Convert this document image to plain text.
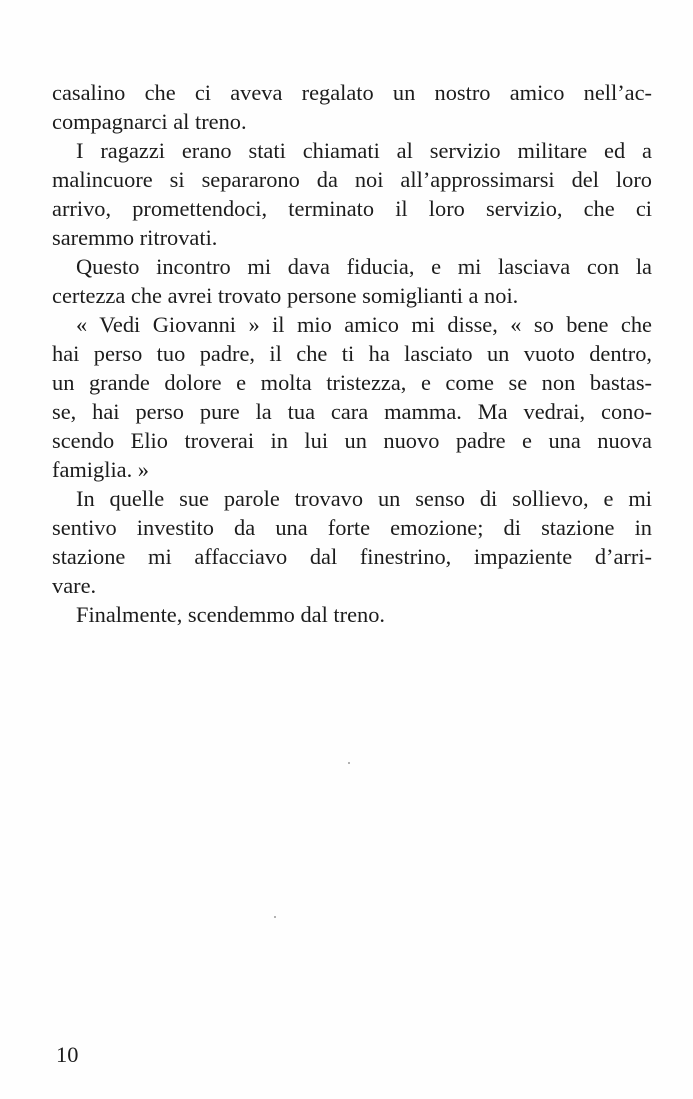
casalino che ci aveva regalato un nostro amico nell’ac-
compagnarci al treno.
I ragazzi erano stati chiamati al servizio militare ed a
malincuore si separarono da noi all’approssimarsi del loro
arrivo, promettendoci, terminato il loro servizio, che ci
saremmo ritrovati.
Questo incontro mi dava fiducia, e mi lasciava con la
certezza che avrei trovato persone somiglianti a noi.
« Vedi Giovanni » il mio amico mi disse, « so bene che
hai perso tuo padre, il che ti ha lasciato un vuoto dentro,
un grande dolore e molta tristezza, e come se non bastas-
se, hai perso pure la tua cara mamma. Ma vedrai, cono-
scendo Elio troverai in lui un nuovo padre e una nuova
famiglia. »
In quelle sue parole trovavo un senso di sollievo, e mi
sentivo investito da una forte emozione; di stazione in
stazione mi affacciavo dal finestrino, impaziente d’arri-
vare.
Finalmente, scendemmo dal treno.
10
